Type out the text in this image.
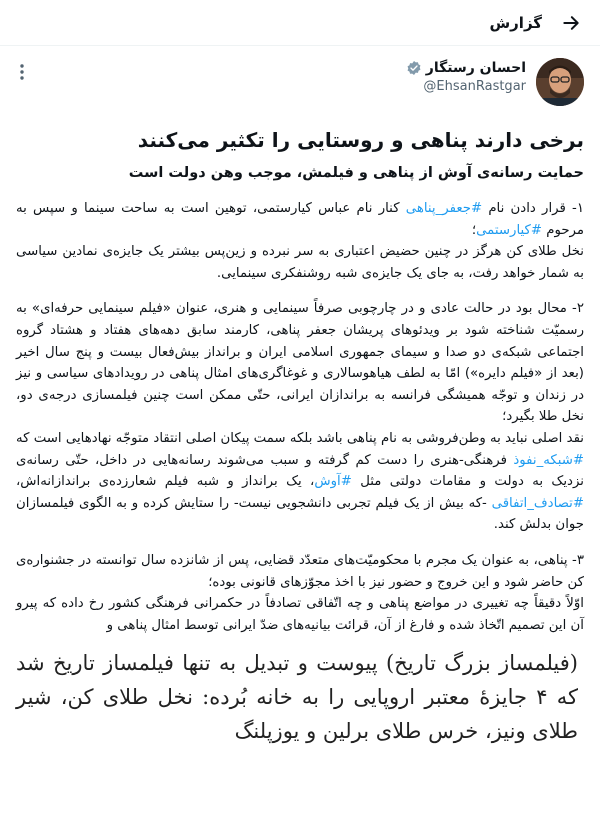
گزارش
احسان رستگار
@EhsanRastgar
برخی دارند پناهی و روستایی را تکثیر می‌کنند
حمایت رسانه‌ی آوش از پناهی و فیلمش، موجب وهن دولت است

۱- قرار دادن نام #جعفر_پناهی کنار نام عباس کیارستمی، توهین است به ساحت سینما و سپس به مرحوم #کیارستمی؛

نخل طلای کن هرگز در چنین حضیض اعتباری به سر نبرده و زین‌پس بیشتر یک جایزه‌ی نمادین سیاسی به شمار خواهد رفت، به جای یک جایزه‌ی شبه روشنفکری سینمایی.

۲- محال بود در حالت عادی و در چارچوبی صرفاً سینمایی و هنری، عنوان «فیلم سینمایی حرفه‌ای» به رسمیّت شناخته شود بر ویدئوهای پریشان جعفر پناهی، کارمند سابق دهه‌های هفتاد و هشتاد گروه اجتماعی شبکه‌ی دو صدا و سیمای جمهوری اسلامی ایران و برانداز بیش‌فعال بیست و پنج سال اخیر (بعد از «فیلم دایره») امّا به لطف هیاهوسالاری و غوغاگری‌های امثال پناهی در رویدادهای سیاسی و نیز در زندان و توجّه همیشگی فرانسه به براندازان ایرانی، حتّی ممکن است چنین فیلمسازی درجه‌ی دو، نخل طلا بگیرد؛

نقد اصلی نباید به وطن‌فروشی به نام پناهی باشد بلکه سمت پیکان اصلی انتقاد متوجّه نهادهایی است که #شبکه_نفوذ فرهنگی-هنری را دست کم گرفته و سبب می‌شوند رسانه‌هایی در داخل، حتّی رسانه‌ی نزدیک به دولت و مقامات دولتی مثل #آوش، یک برانداز و شبه فیلم شعارزده‌ی براندازانه‌اش، #تصادف_اتفاقی -که بیش از یک فیلم تجربی دانشجویی نیست- را ستایش کرده و به الگوی فیلمسازان جوان بدلش کند.

۳- پناهی، به عنوان یک مجرم با محکومیّت‌های متعدّد قضایی، پس از شانزده سال توانسته در جشنواره‌ی کن حاضر شود و این خروج و حضور نیز با اخذ مجوّزهای قانونی بوده؛

اوّلاً دقیقاً چه تغییری در مواضع پناهی و چه اتّفاقی تصادفاً در حکمرانی فرهنگی کشور رخ داده که پیرو آن این تصمیم اتّخاذ شده و فارغ از آن، قرائت بیانیه‌های ضدّ ایرانی توسط امثال پناهی و

(فیلمساز بزرگ تاریخ) پیوست و تبدیل به تنها فیلمساز تاریخ شد که ۴ جایزهٔ معتبر اروپایی را به خانه بُرده: نخل طلای کن، شیر طلای ونیز، خرس طلای برلین و یوزپلنگ
